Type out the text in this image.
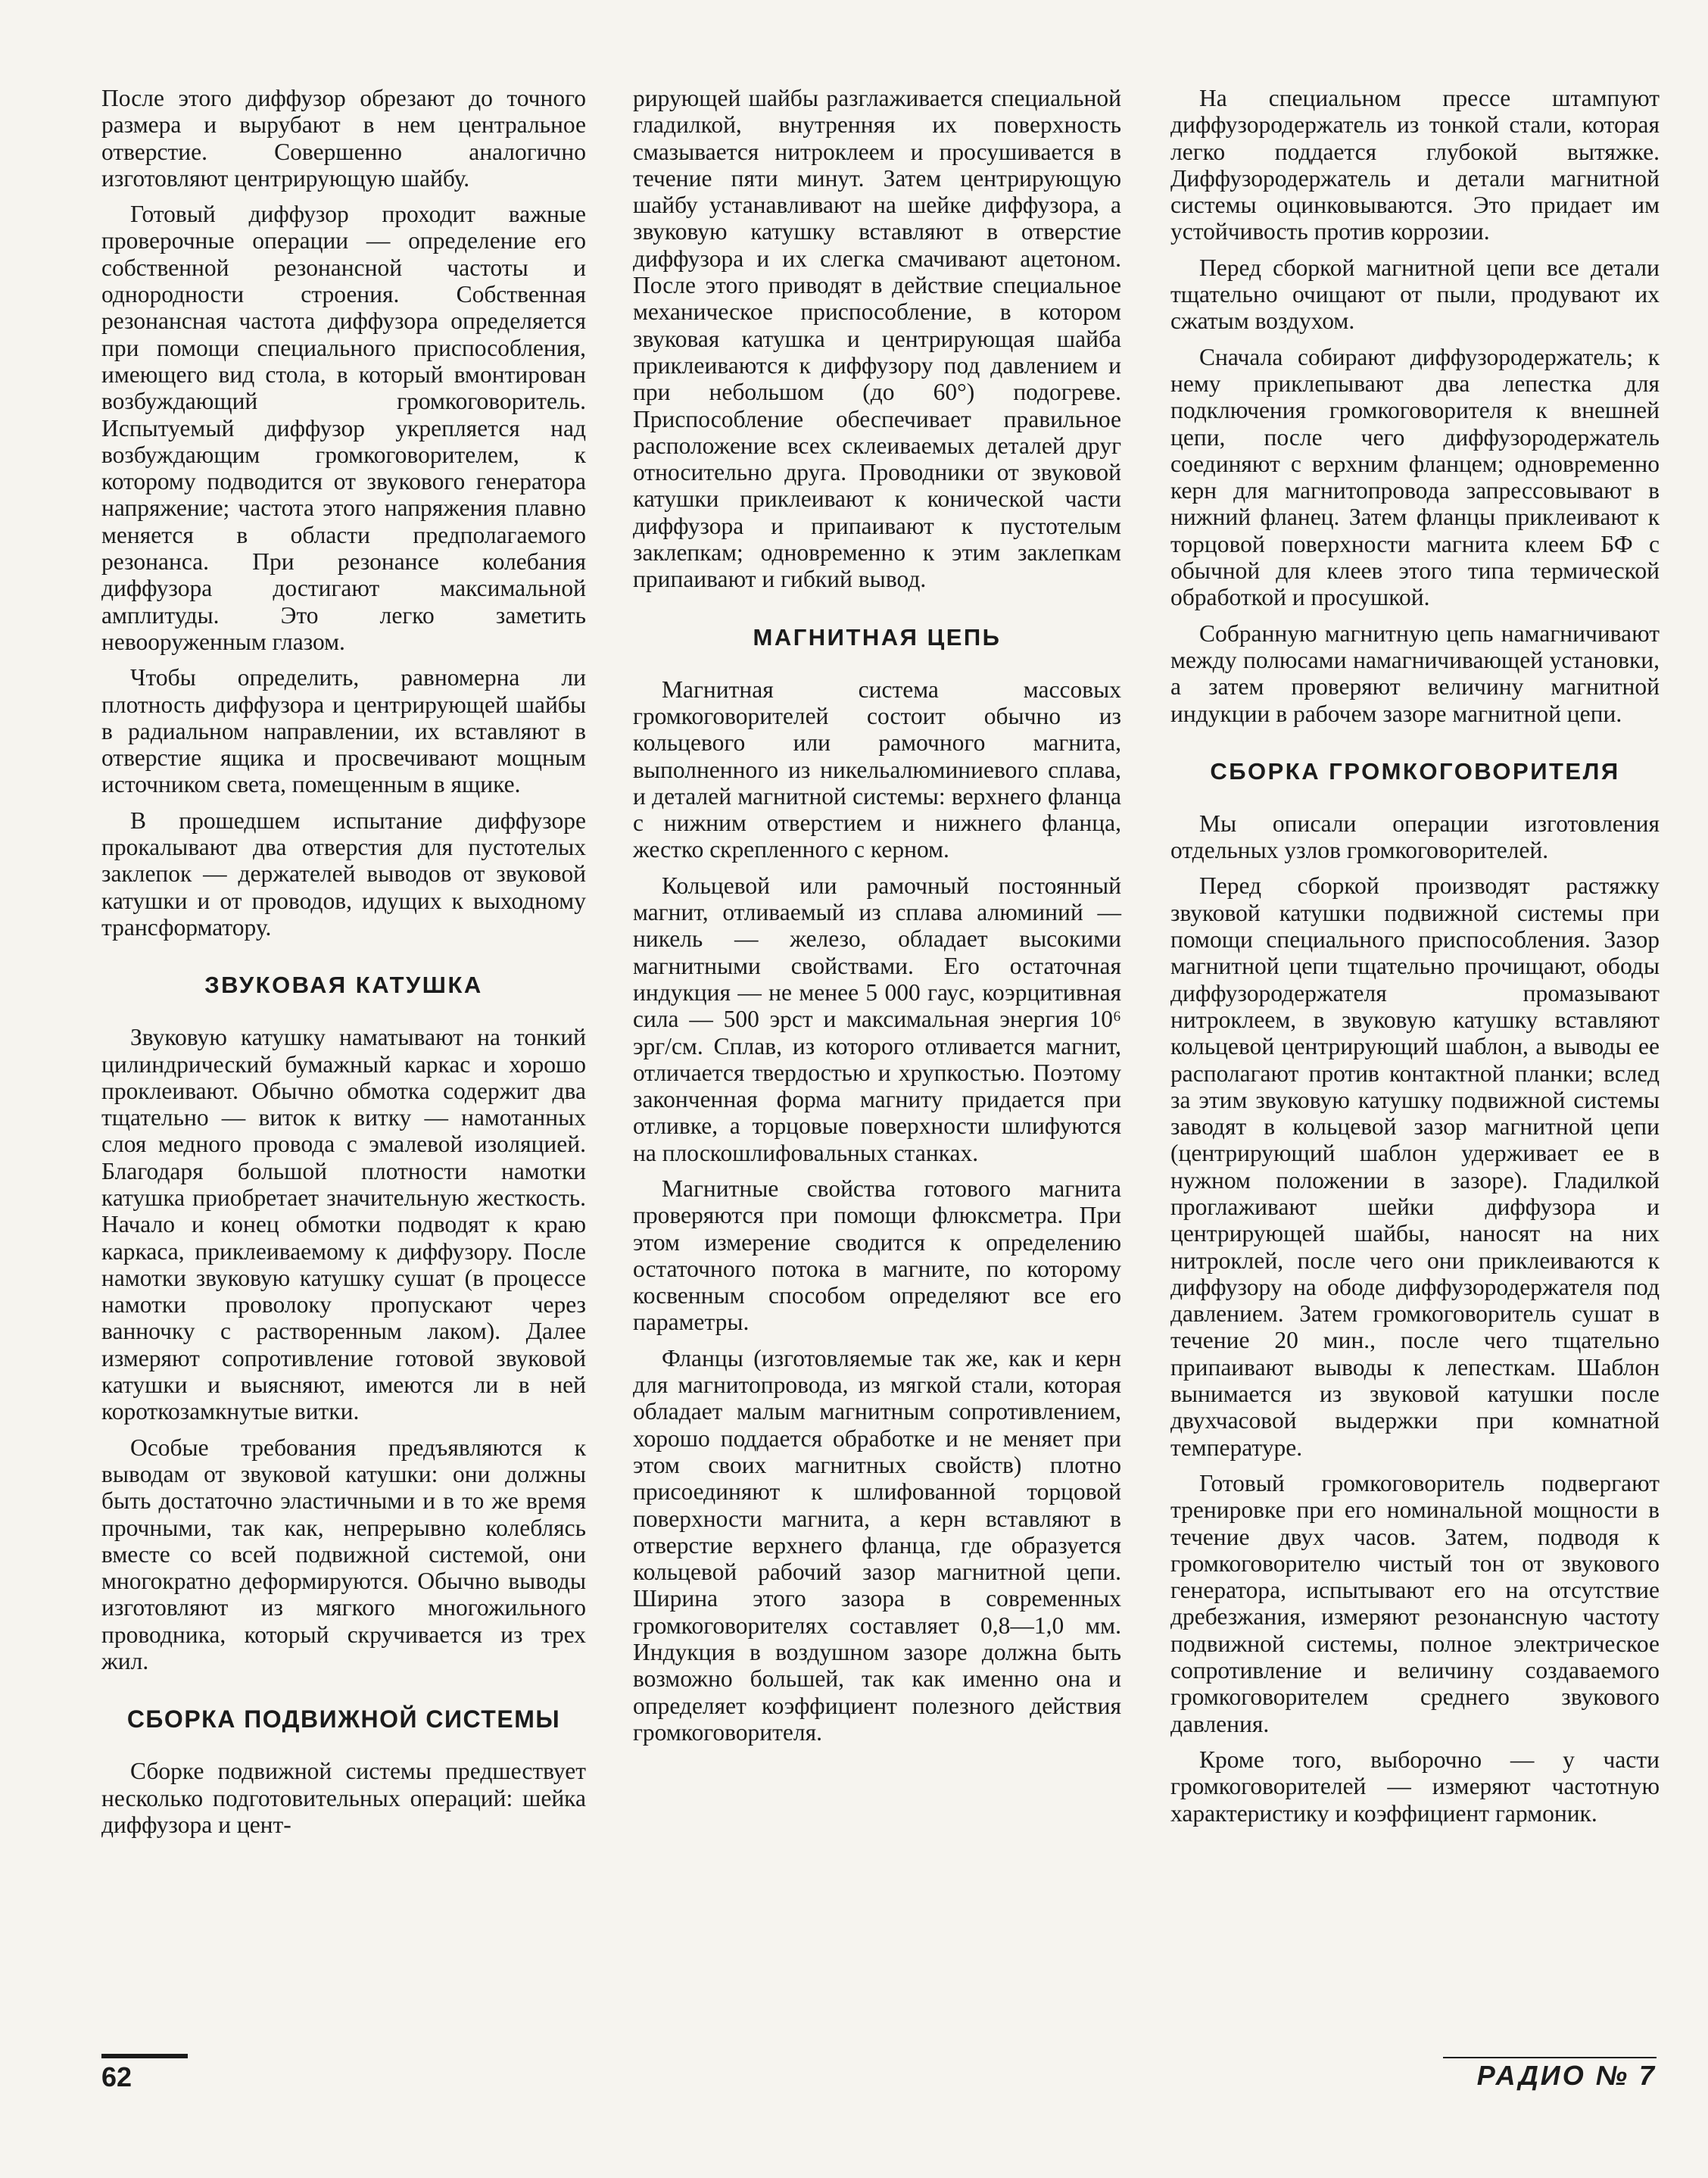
После этого диффузор обрезают до точного размера и вырубают в нем центральное отверстие. Совершенно аналогично изготовляют центрирующую шайбу.

Готовый диффузор проходит важные проверочные операции — определение его собственной резонансной частоты и однородности строения. Собственная резонансная частота диффузора определяется при помощи специального приспособления, имеющего вид стола, в который вмонтирован возбуждающий громкоговоритель. Испытуемый диффузор укрепляется над возбуждающим громкоговорителем, к которому подводится от звукового генератора напряжение; частота этого напряжения плавно меняется в области предполагаемого резонанса. При резонансе колебания диффузора достигают максимальной амплитуды. Это легко заметить невооруженным глазом.

Чтобы определить, равномерна ли плотность диффузора и центрирующей шайбы в радиальном направлении, их вставляют в отверстие ящика и просвечивают мощным источником света, помещенным в ящике.

В прошедшем испытание диффузоре прокалывают два отверстия для пустотелых заклепок — держателей выводов от звуковой катушки и от проводов, идущих к выходному трансформатору.

ЗВУКОВАЯ КАТУШКА

Звуковую катушку наматывают на тонкий цилиндрический бумажный каркас и хорошо проклеивают. Обычно обмотка содержит два тщательно — виток к витку — намотанных слоя медного провода с эмалевой изоляцией. Благодаря большой плотности намотки катушка приобретает значительную жесткость. Начало и конец обмотки подводят к краю каркаса, приклеиваемому к диффузору. После намотки звуковую катушку сушат (в процессе намотки проволоку пропускают через ванночку с растворенным лаком). Далее измеряют сопротивление готовой звуковой катушки и выясняют, имеются ли в ней короткозамкнутые витки.

Особые требования предъявляются к выводам от звуковой катушки: они должны быть достаточно эластичными и в то же время прочными, так как, непрерывно колеблясь вместе со всей подвижной системой, они многократно деформируются. Обычно выводы изготовляют из мягкого многожильного проводника, который скручивается из трех жил.

СБОРКА ПОДВИЖНОЙ СИСТЕМЫ

Сборке подвижной системы предшествует несколько подготовительных операций: шейка диффузора и цент-

рирующей шайбы разглаживается специальной гладилкой, внутренняя их поверхность смазывается нитроклеем и просушивается в течение пяти минут. Затем центрирующую шайбу устанавливают на шейке диффузора, а звуковую катушку вставляют в отверстие диффузора и их слегка смачивают ацетоном. После этого приводят в действие специальное механическое приспособление, в котором звуковая катушка и центрирующая шайба приклеиваются к диффузору под давлением и при небольшом (до 60°) подогреве. Приспособление обеспечивает правильное расположение всех склеиваемых деталей друг относительно друга. Проводники от звуковой катушки приклеивают к конической части диффузора и припаивают к пустотелым заклепкам; одновременно к этим заклепкам припаивают и гибкий вывод.

МАГНИТНАЯ ЦЕПЬ

Магнитная система массовых громкоговорителей состоит обычно из кольцевого или рамочного магнита, выполненного из никельалюминиевого сплава, и деталей магнитной системы: верхнего фланца с нижним отверстием и нижнего фланца, жестко скрепленного с керном.

Кольцевой или рамочный постоянный магнит, отливаемый из сплава алюминий — никель — железо, обладает высокими магнитными свойствами. Его остаточная индукция — не менее 5 000 гаус, коэрцитивная сила — 500 эрст и максимальная энергия 10⁶ эрг/см. Сплав, из которого отливается магнит, отличается твердостью и хрупкостью. Поэтому законченная форма магниту придается при отливке, а торцовые поверхности шлифуются на плоскошлифовальных станках.

Магнитные свойства готового магнита проверяются при помощи флюксметра. При этом измерение сводится к определению остаточного потока в магните, по которому косвенным способом определяют все его параметры.

Фланцы (изготовляемые так же, как и керн для магнитопровода, из мягкой стали, которая обладает малым магнитным сопротивлением, хорошо поддается обработке и не меняет при этом своих магнитных свойств) плотно присоединяют к шлифованной торцовой поверхности магнита, а керн вставляют в отверстие верхнего фланца, где образуется кольцевой рабочий зазор магнитной цепи. Ширина этого зазора в современных громкоговорителях составляет 0,8—1,0 мм. Индукция в воздушном зазоре должна быть возможно большей, так как именно она и определяет коэффициент полезного действия громкоговорителя.

На специальном прессе штампуют диффузородержатель из тонкой стали, которая легко поддается глубокой вытяжке. Диффузородержатель и детали магнитной системы оцинковываются. Это придает им устойчивость против коррозии.

Перед сборкой магнитной цепи все детали тщательно очищают от пыли, продувают их сжатым воздухом.

Сначала собирают диффузородержатель; к нему приклепывают два лепестка для подключения громкоговорителя к внешней цепи, после чего диффузородержатель соединяют с верхним фланцем; одновременно керн для магнитопровода запрессовывают в нижний фланец. Затем фланцы приклеивают к торцовой поверхности магнита клеем БФ с обычной для клеев этого типа термической обработкой и просушкой.

Собранную магнитную цепь намагничивают между полюсами намагничивающей установки, а затем проверяют величину магнитной индукции в рабочем зазоре магнитной цепи.

СБОРКА ГРОМКОГОВОРИТЕЛЯ

Мы описали операции изготовления отдельных узлов громкоговорителей.

Перед сборкой производят растяжку звуковой катушки подвижной системы при помощи специального приспособления. Зазор магнитной цепи тщательно прочищают, ободы диффузородержателя промазывают нитроклеем, в звуковую катушку вставляют кольцевой центрирующий шаблон, а выводы ее располагают против контактной планки; вслед за этим звуковую катушку подвижной системы заводят в кольцевой зазор магнитной цепи (центрирующий шаблон удерживает ее в нужном положении в зазоре). Гладилкой проглаживают шейки диффузора и центрирующей шайбы, наносят на них нитроклей, после чего они приклеиваются к диффузору на ободе диффузородержателя под давлением. Затем громкоговоритель сушат в течение 20 мин., после чего тщательно припаивают выводы к лепесткам. Шаблон вынимается из звуковой катушки после двухчасовой выдержки при комнатной температуре.

Готовый громкоговоритель подвергают тренировке при его номинальной мощности в течение двух часов. Затем, подводя к громкоговорителю чистый тон от звукового генератора, испытывают его на отсутствие дребезжания, измеряют резонансную частоту подвижной системы, полное электрическое сопротивление и величину создаваемого громкоговорителем среднего звукового давления.

Кроме того, выборочно — у части громкоговорителей — измеряют частотную характеристику и коэффициент гармоник.

62	РАДИО № 7
